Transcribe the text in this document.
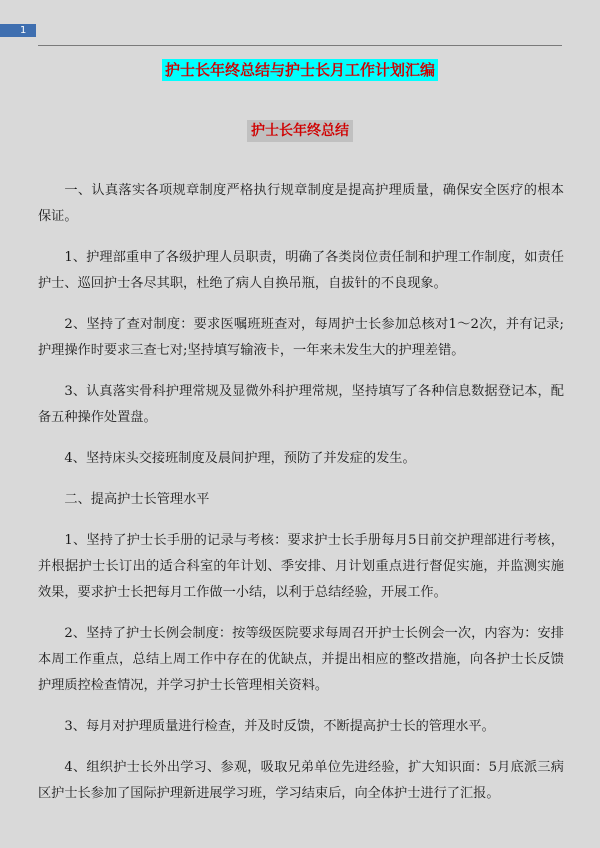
1
护士长年终总结与护士长月工作计划汇编
护士长年终总结

一、认真落实各项规章制度严格执行规章制度是提高护理质量，确保安全医疗的根本保证。

1、护理部重申了各级护理人员职责，明确了各类岗位责任制和护理工作制度，如责任护士、巡回护士各尽其职，杜绝了病人自换吊瓶，自拔针的不良现象。

2、坚持了查对制度：要求医嘱班班查对，每周护士长参加总核对1～2次，并有记录;护理操作时要求三查七对;坚持填写输液卡，一年来未发生大的护理差错。

3、认真落实骨科护理常规及显微外科护理常规，坚持填写了各种信息数据登记本，配备五种操作处置盘。

4、坚持床头交接班制度及晨间护理，预防了并发症的发生。

二、提高护士长管理水平

1、坚持了护士长手册的记录与考核：要求护士长手册每月5日前交护理部进行考核，并根据护士长订出的适合科室的年计划、季安排、月计划重点进行督促实施，并监测实施效果，要求护士长把每月工作做一小结，以利于总结经验，开展工作。

2、坚持了护士长例会制度：按等级医院要求每周召开护士长例会一次，内容为：安排本周工作重点，总结上周工作中存在的优缺点，并提出相应的整改措施，向各护士长反馈护理质控检查情况，并学习护士长管理相关资料。

3、每月对护理质量进行检查，并及时反馈，不断提高护士长的管理水平。

4、组织护士长外出学习、参观，吸取兄弟单位先进经验，扩大知识面：5月底派三病区护士长参加了国际护理新进展学习班，学习结束后，向全体护士进行了汇报。
